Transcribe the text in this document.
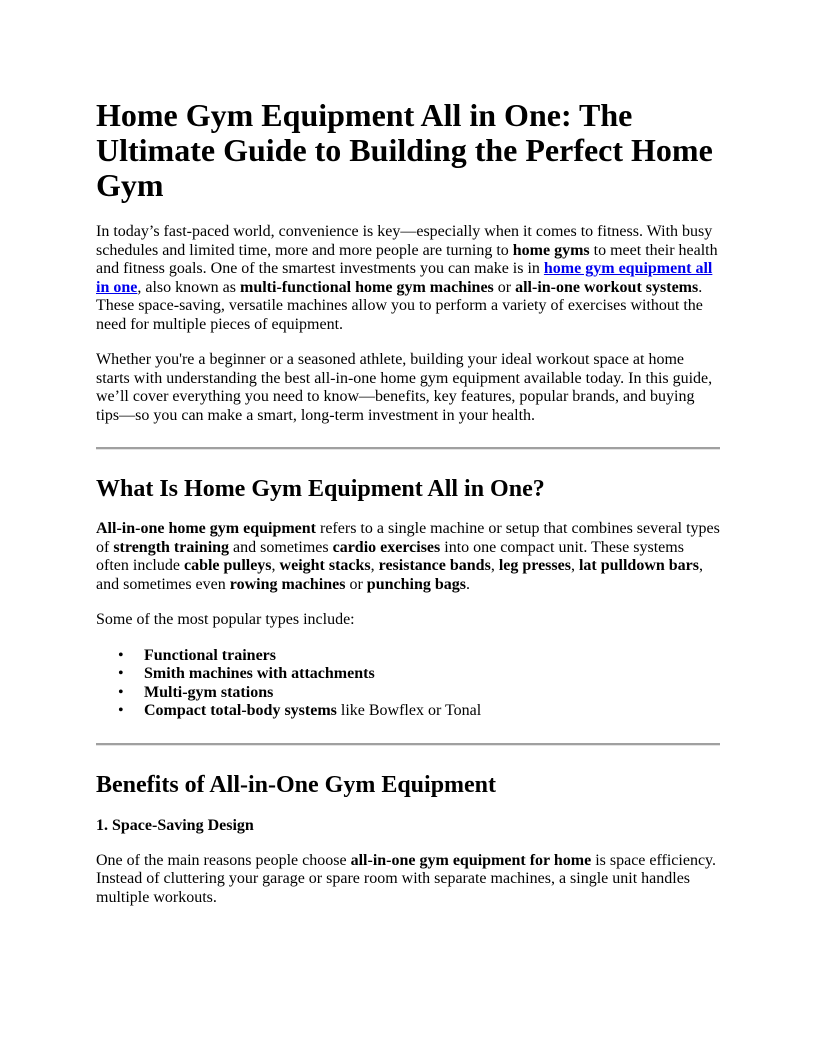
Home Gym Equipment All in One: The Ultimate Guide to Building the Perfect Home Gym

In today’s fast-paced world, convenience is key—especially when it comes to fitness. With busy schedules and limited time, more and more people are turning to home gyms to meet their health and fitness goals. One of the smartest investments you can make is in home gym equipment all in one, also known as multi-functional home gym machines or all-in-one workout systems. These space-saving, versatile machines allow you to perform a variety of exercises without the need for multiple pieces of equipment.

Whether you're a beginner or a seasoned athlete, building your ideal workout space at home starts with understanding the best all-in-one home gym equipment available today. In this guide, we’ll cover everything you need to know—benefits, key features, popular brands, and buying tips—so you can make a smart, long-term investment in your health.

What Is Home Gym Equipment All in One?

All-in-one home gym equipment refers to a single machine or setup that combines several types of strength training and sometimes cardio exercises into one compact unit. These systems often include cable pulleys, weight stacks, resistance bands, leg presses, lat pulldown bars, and sometimes even rowing machines or punching bags.

Some of the most popular types include:

• Functional trainers
• Smith machines with attachments
• Multi-gym stations
• Compact total-body systems like Bowflex or Tonal
Benefits of All-in-One Gym Equipment
1. Space-Saving Design

One of the main reasons people choose all-in-one gym equipment for home is space efficiency. Instead of cluttering your garage or spare room with separate machines, a single unit handles multiple workouts.
